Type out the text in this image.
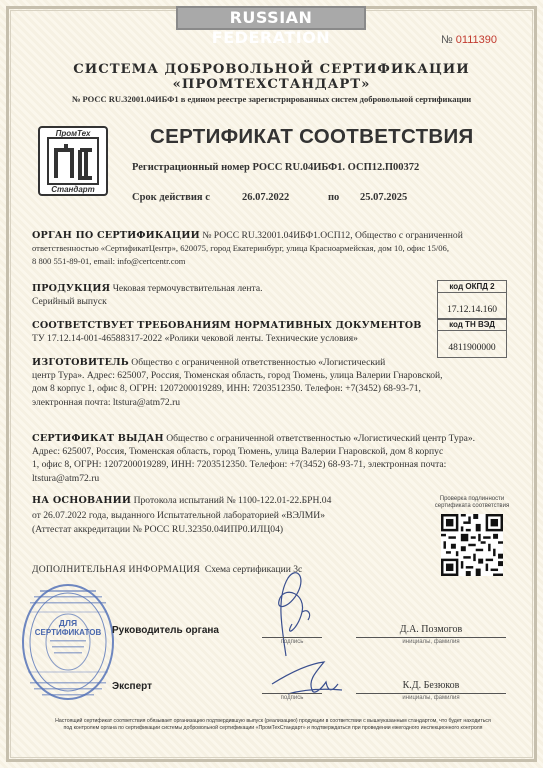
RUSSIAN FEDERATION	№ 0111390
СИСТЕМА ДОБРОВОЛЬНОЙ СЕРТИФИКАЦИИ
«ПРОМТЕХСТАНДАРТ»
№ РОСС RU.32001.04ИБФ1 в едином реестре зарегистрированных систем добровольной сертификации
ПромТех
Стандарт
СЕРТИФИКАТ СООТВЕТСТВИЯ
Регистрационный номер РОСС RU.04ИБФ1. ОСП12.П00372
Срок действия с	26.07.2022	по 25.07.2025
ОРГАН ПО СЕРТИФИКАЦИИ № РОСС RU.32001.04ИБФ1.ОСП12, Общество с ограниченной
ответственностью «СертификатЦентр», 620075, город Екатеринбург, улица Красноармейская, дом 10, офис 15/06,
8 800 551-89-01, email: info@certcentr.com
ПРОДУКЦИЯ Чековая термочувствительная лента.
Серийный выпуск
код ОКПД 2
17.12.14.160
код ТН ВЭД
4811900000
СООТВЕТСТВУЕТ ТРЕБОВАНИЯМ НОРМАТИВНЫХ ДОКУМЕНТОВ
ТУ 17.12.14-001-46588317-2022 «Ролики чековой ленты. Технические условия»
ИЗГОТОВИТЕЛЬ Общество с ограниченной ответственностью «Логистический
центр Тура». Адрес: 625007, Россия, Тюменская область, город Тюмень, улица Валерии Гнаровской,
дом 8 корпус 1, офис 8, ОГРН: 1207200019289, ИНН: 7203512350. Телефон: +7(3452) 68-93-71,
электронная почта: ltstura@atm72.ru
СЕРТИФИКАТ ВЫДАН Общество с ограниченной ответственностью «Логистический центр Тура».
Адрес: 625007, Россия, Тюменская область, город Тюмень, улица Валерии Гнаровской, дом 8 корпус
1, офис 8, ОГРН: 1207200019289, ИНН: 7203512350. Телефон: +7(3452) 68-93-71, электронная почта:
ltstura@atm72.ru
НА ОСНОВАНИИ Протокола испытаний № 1100-122.01-22.БРН.04
от 26.07.2022 года, выданного Испытательной лабораторией «ВЭЛМИ»
(Аттестат аккредитации № РОСС RU.32350.04ИПР0.ИЛЦ04)
Проверка подлинности
сертификата соответствия
ДОПОЛНИТЕЛЬНАЯ ИНФОРМАЦИЯ Схема сертификации 3с
ДЛЯ
СЕРТИФИКАТОВ Руководитель органа
Эксперт
Д.А. Позмогов
инициалы, фамилия
подпись
К.Д. Безюков
инициалы, фамилия
подпись
Настоящий сертификат соответствия обязывает организацию подтвердившую выпуск (реализацию) продукции в соответствии с вышеуказанным стандартом, что будет находиться
под контролем органа по сертификации системы добровольной сертификации «ПромТехСтандарт» и подтверждаться при проведении ежегодного инспекционного контроля
